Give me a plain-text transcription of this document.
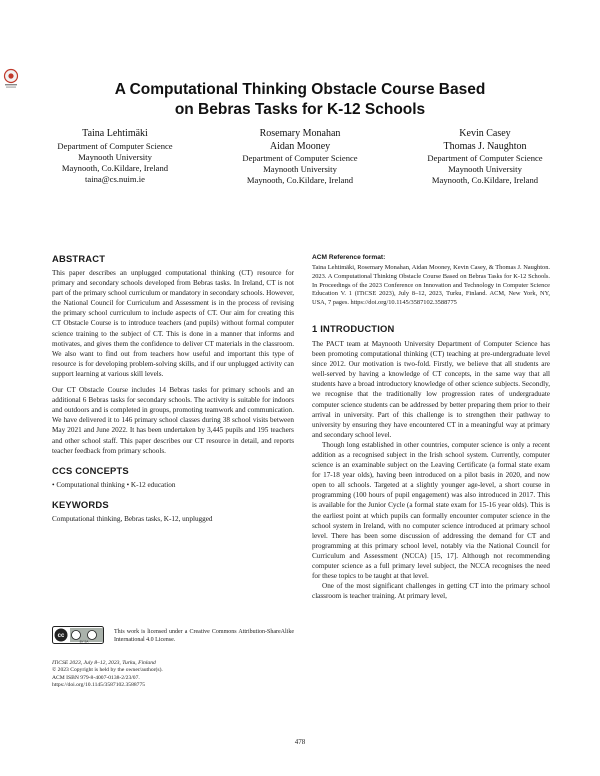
A Computational Thinking Obstacle Course Based
on Bebras Tasks for K-12 Schools
Taina Lehtimäki
Department of Computer Science
Maynooth University
Maynooth, Co.Kildare, Ireland
taina@cs.nuim.ie
Rosemary Monahan
Aidan Mooney
Department of Computer Science
Maynooth University
Maynooth, Co.Kildare, Ireland
Kevin Casey
Thomas J. Naughton
Department of Computer Science
Maynooth University
Maynooth, Co.Kildare, Ireland
ABSTRACT

This paper describes an unplugged computational thinking (CT) resource for primary and secondary schools developed from Bebras tasks. In Ireland, CT is not part of the primary school curriculum or mandatory in secondary schools. However, the National Council for Curriculum and Assessment is in the process of revising the primary school curriculum to include aspects of CT. Our aim for creating this CT Obstacle Course is to introduce teachers (and pupils) without formal computer science training to the subject of CT. This is done in a manner that informs and motivates, and gives them the confidence to deliver CT materials in the classroom. We also want to find out from teachers how useful and important this type of resource is for developing problem-solving skills, and if our unplugged activity can support learning at various skill levels.

Our CT Obstacle Course includes 14 Bebras tasks for primary schools and an additional 6 Bebras tasks for secondary schools. The activity is suitable for indoors and outdoors and is completed in groups, promoting teamwork and communication. We have delivered it to 146 primary school classes during 38 school visits between May 2021 and June 2022. It has been undertaken by 3,445 pupils and 195 teachers and other school staff. This paper describes our CT resource in detail, and reports teacher feedback from primary schools.

CCS CONCEPTS

• Computational thinking • K-12 education

KEYWORDS

Computational thinking, Bebras tasks, K-12, unplugged

cc
BY SA

This work is licensed under a Creative Commons Attribution-ShareAlike International 4.0 License.

ITiCSE 2023, July 8–12, 2023, Turku, Finland
© 2023 Copyright is held by the owner/author(s).
ACM ISBN 979-8-4007-0138-2/23/07.
https://doi.org/10.1145/3587102.3588775

ACM Reference format:

Taina Lehtimäki, Rosemary Monahan, Aidan Mooney, Kevin Casey, & Thomas J. Naughton. 2023. A Computational Thinking Obstacle Course Based on Bebras Tasks for K-12 Schools. In Proceedings of the 2023 Conference on Innovation and Technology in Computer Science Education V. 1 (ITiCSE 2023), July 8–12, 2023, Turku, Finland. ACM, New York, NY, USA, 7 pages. https://doi.org/10.1145/3587102.3588775

1 INTRODUCTION

The PACT team at Maynooth University Department of Computer Science has been promoting computational thinking (CT) teaching at pre-undergraduate level since 2012. Our motivation is two-fold. Firstly, we believe that all students are well-served by having a knowledge of CT concepts, in the same way that all students have a broad introductory knowledge of other science subjects. Secondly, we recognise that the traditionally low progression rates of undergraduate computer science students can be addressed by better preparing them prior to their arrival in university. Part of this challenge is to strengthen their pathway to university by ensuring they have encountered CT in a meaningful way at primary and secondary school level.

Though long established in other countries, computer science is only a recent addition as a recognised subject in the Irish school system. Currently, computer science is an examinable subject on the Leaving Certificate (a formal state exam for 17-18 year olds), having been introduced on a pilot basis in 2020, and now open to all schools. Targeted at a slightly younger age-level, a short course in programming (100 hours of pupil engagement) was also introduced in 2017. This is available for the Junior Cycle (a formal state exam for 15-16 year olds). This is the earliest point at which pupils can formally encounter computer science in the school system in Ireland, with no computer science introduced at primary school level. There has been some discussion of addressing the demand for CT and programming at this primary school level, notably via the National Council for Curriculum and Assessment (NCCA) [15, 17]. Although not recommending computer science as a full primary level subject, the NCCA recognises the need for these topics to be taught at that level.

One of the most significant challenges in getting CT into the primary school classroom is teacher training. At primary level,

478
